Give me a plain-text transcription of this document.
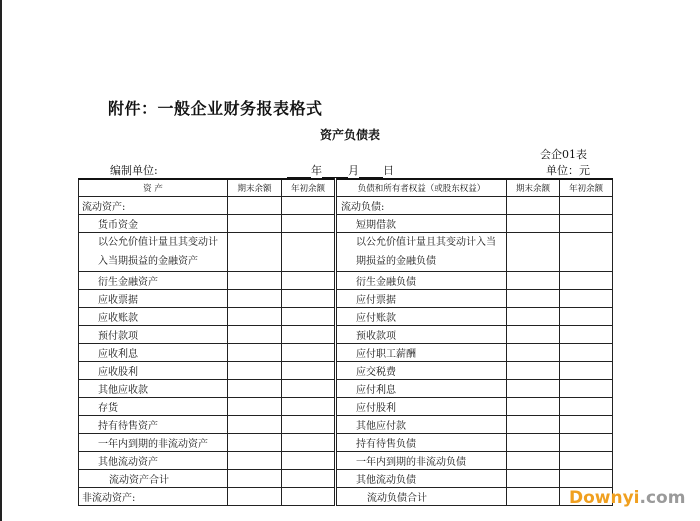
附件：一般企业财务报表格式
资产负债表
会企01表
编制单位:	年 月 日	单位：元
资 产	期末余额	年初余额	负债和所有者权益（或股东权益）	期末余额	年初余额
流动资产:			流动负债:		
货币资金			短期借款		
以公允价值计量且其变动计入当期损益的金融资产			以公允价值计量且其变动计入当期损益的金融负债		
衍生金融资产			衍生金融负债		
应收票据			应付票据		
应收账款			应付账款		
预付款项			预收款项		
应收利息			应付职工薪酬		
应收股利			应交税费		
其他应收款			应付利息		
存货			应付股利		
持有待售资产			其他应付款		
一年内到期的非流动资产			持有待售负债		
其他流动资产			一年内到期的非流动负债		
流动资产合计			其他流动负债		
非流动资产:			流动负债合计			Downyi.com
